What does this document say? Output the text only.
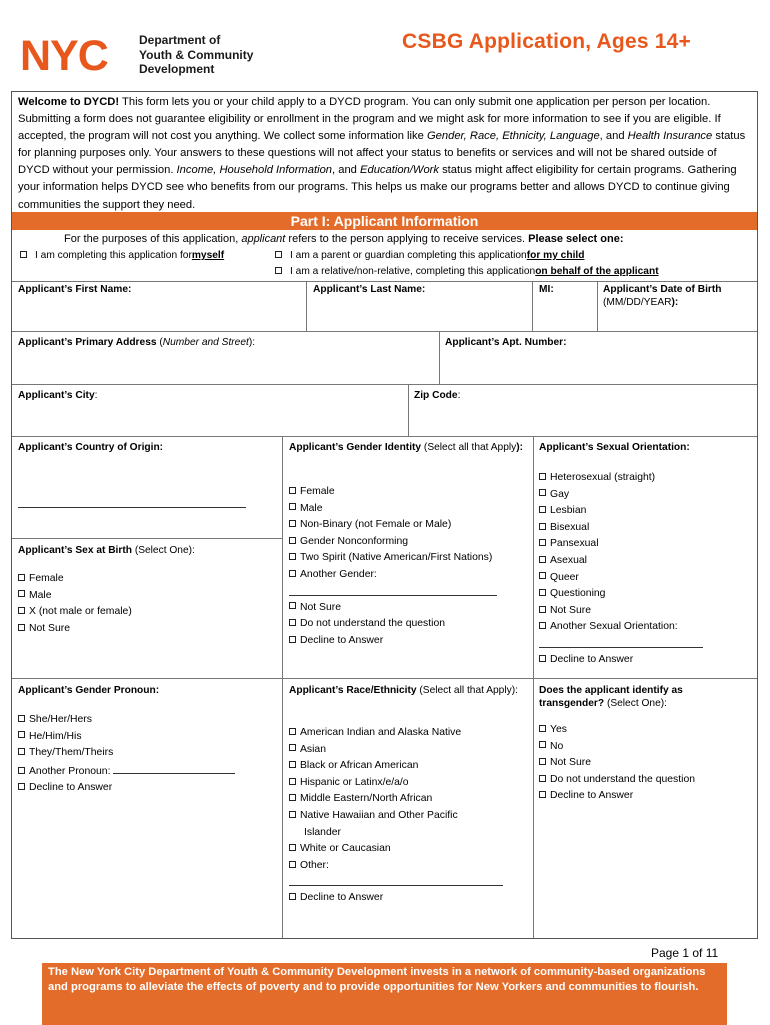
NYC	Department of
Youth & Community
Development
CSBG Application, Ages 14+
Welcome to DYCD! This form lets you or your child apply to a DYCD program. You can only submit one application per person per location. Submitting a form does not guarantee eligibility or enrollment in the program and we might ask for more information to see if you are eligible. If accepted, the program will not cost you anything. We collect some information like Gender, Race, Ethnicity, Language, and Health Insurance status for planning purposes only. Your answers to these questions will not affect your status to benefits or services and will not be shared outside of DYCD without your permission. Income, Household Information, and Education/Work status might affect eligibility for certain programs. Gathering your information helps DYCD see who benefits from our programs. This helps us make our programs better and allows DYCD to continue giving communities the support they need.
Part I: Applicant Information
For the purposes of this application, applicant refers to the person applying to receive services. Please select one:
I am completing this application for myself	I am a parent or guardian completing this application for my child
I am a relative/non-relative, completing this application on behalf of the applicant
Applicant’s First Name:	Applicant’s Last Name:	MI:	Applicant’s Date of Birth
(MM/DD/YEAR):
Applicant’s Primary Address (Number and Street):	Applicant’s Apt. Number:
Applicant’s City:	Zip Code:
Applicant’s Country of Origin:
Applicant’s Sex at Birth (Select One):
Female
Male
X (not male or female)
Not Sure
Applicant’s Gender Identity (Select all that Apply):
Female
Male
Non-Binary (not Female or Male)
Gender Nonconforming
Two Spirit (Native American/First Nations)
Another Gender:
Not Sure
Do not understand the question
Decline to Answer
Applicant’s Sexual Orientation:
Heterosexual (straight)
Gay
Lesbian
Bisexual
Pansexual
Asexual
Queer
Questioning
Not Sure
Another Sexual Orientation:
Decline to Answer
Applicant’s Gender Pronoun:
She/Her/Hers
He/Him/His
They/Them/Theirs
Another Pronoun:
Decline to Answer
Applicant’s Race/Ethnicity (Select all that Apply):
American Indian and Alaska Native
Asian
Black or African American
Hispanic or Latinx/e/a/o
Middle Eastern/North African
Native Hawaiian and Other Pacific
Islander
White or Caucasian
Other:
Decline to Answer
Does the applicant identify as transgender? (Select One):
Yes
No
Not Sure
Do not understand the question
Decline to Answer
Page 1 of 11
The New York City Department of Youth & Community Development invests in a network of community-based organizations and programs to alleviate the effects of poverty and to provide opportunities for New Yorkers and communities to flourish.
